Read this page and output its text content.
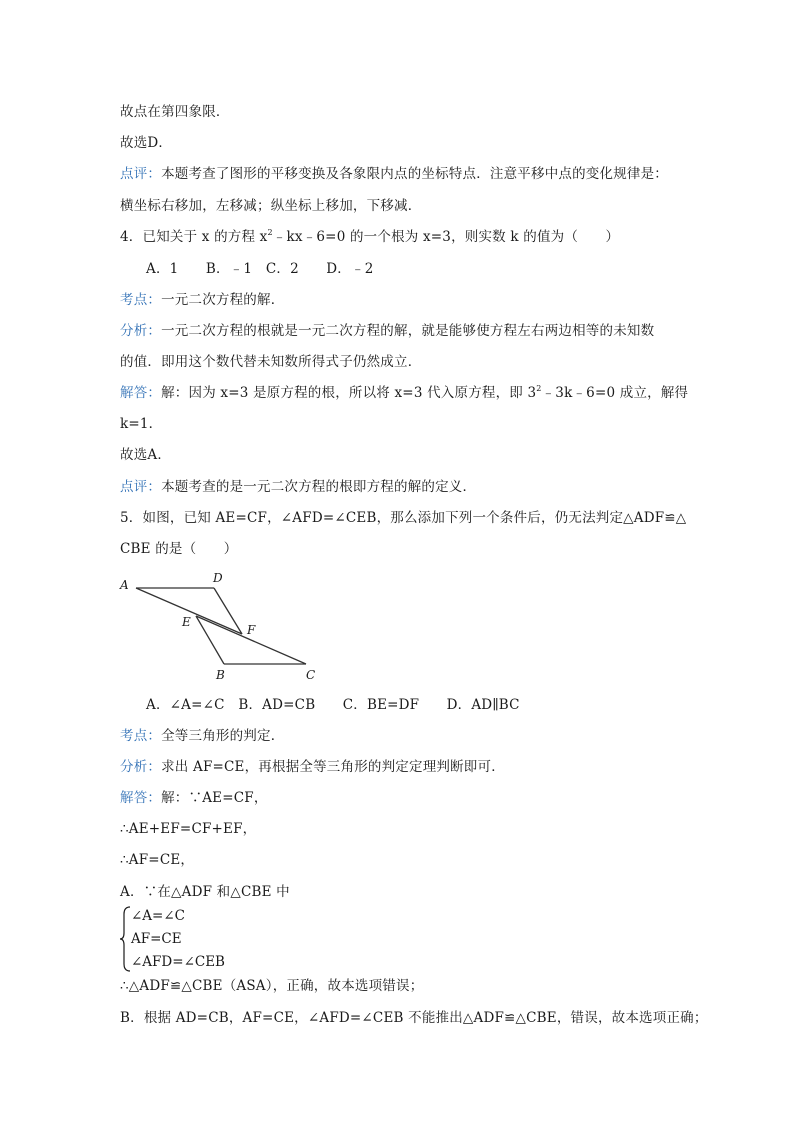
故点在第四象限．
故选D．
点评：本题考查了图形的平移变换及各象限内点的坐标特点．注意平移中点的变化规律是：
横坐标右移加，左移减；纵坐标上移加，下移减．
4．已知关于 x 的方程 $x^2﹣kx﹣6=0$ 的一个根为 x=3，则实数 k 的值为（　　）
A．1　　B．﹣1　C．2　　D．﹣2
考点：一元二次方程的解．
分析：一元二次方程的根就是一元二次方程的解，就是能够使方程左右两边相等的未知数
的值．即用这个数代替未知数所得式子仍然成立．
解答：解：因为 x=3 是原方程的根，所以将 x=3 代入原方程，即 $3^2﹣3k﹣6=0$ 成立，解得
k=1．
故选A．
点评：本题考查的是一元二次方程的根即方程的解的定义．
5．如图，已知 AE=CF，∠AFD=∠CEB，那么添加下列一个条件后，仍无法判定△ADF≌△
CBE 的是（　　）
A	D
E
F
B	C
A．∠A=∠C　B．AD=CB　　C．BE=DF　　D．AD∥BC
考点：全等三角形的判定．
分析：求出 AF=CE，再根据全等三角形的判定定理判断即可．
解答：解：∵AE=CF，
∴AE+EF=CF+EF，
∴AF=CE，
A．∵在△ADF 和△CBE 中
∠A=∠C
AF=CE
∠AFD=∠CEB
∴△ADF≌△CBE（ASA），正确，故本选项错误；
B．根据 AD=CB，AF=CE，∠AFD=∠CEB 不能推出△ADF≌△CBE，错误，故本选项正确；
